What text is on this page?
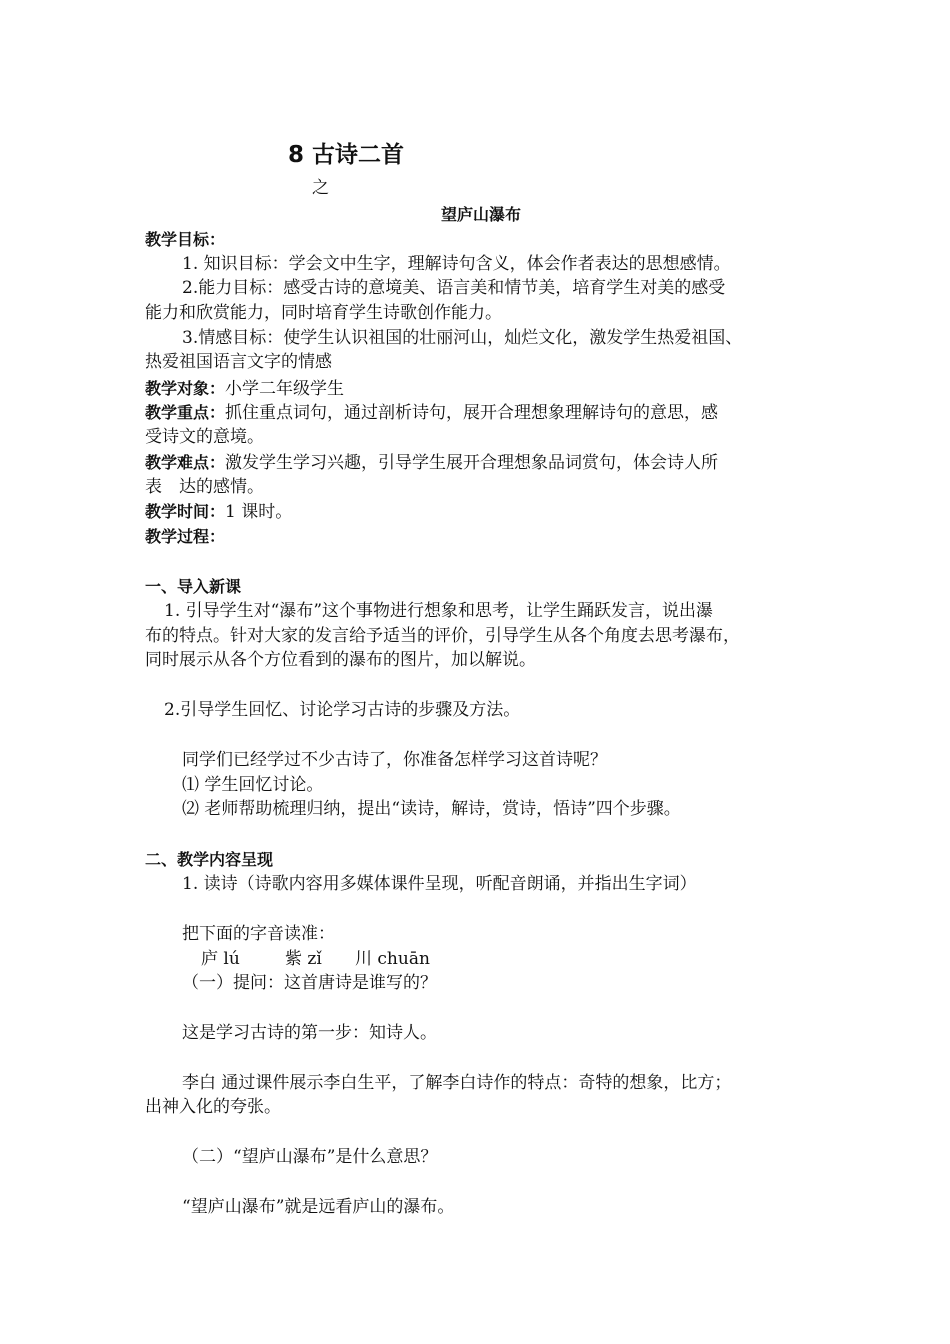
8 古诗二首
之
望庐山瀑布
教学目标：
1. 知识目标：学会文中生字，理解诗句含义，体会作者表达的思想感情。
2.能力目标：感受古诗的意境美、语言美和情节美，培育学生对美的感受
能力和欣赏能力，同时培育学生诗歌创作能力。
3.情感目标：使学生认识祖国的壮丽河山，灿烂文化，激发学生热爱祖国、
热爱祖国语言文字的情感
教学对象：小学二年级学生
教学重点：抓住重点词句，通过剖析诗句，展开合理想象理解诗句的意思，感
受诗文的意境。
教学难点：激发学生学习兴趣，引导学生展开合理想象品词赏句，体会诗人所
表　达的感情。
教学时间：1 课时。
教学过程：
一、导入新课
1. 引导学生对“瀑布”这个事物进行想象和思考，让学生踊跃发言，说出瀑
布的特点。针对大家的发言给予适当的评价，引导学生从各个角度去思考瀑布，
同时展示从各个方位看到的瀑布的图片，加以解说。
2.引导学生回忆、讨论学习古诗的步骤及方法。
同学们已经学过不少古诗了，你准备怎样学习这首诗呢？
⑴ 学生回忆讨论。
⑵ 老师帮助梳理归纳，提出“读诗，解诗，赏诗，悟诗”四个步骤。
二、教学内容呈现
1. 读诗（诗歌内容用多媒体课件呈现，听配音朗诵，并指出生字词）
把下面的字音读准：
庐 lú	紫 zǐ 川 chuān
（一）提问：这首唐诗是谁写的？
这是学习古诗的第一步：知诗人。
李白 通过课件展示李白生平，了解李白诗作的特点：奇特的想象，比方；
出神入化的夸张。
（二）“望庐山瀑布”是什么意思？
“望庐山瀑布”就是远看庐山的瀑布。
